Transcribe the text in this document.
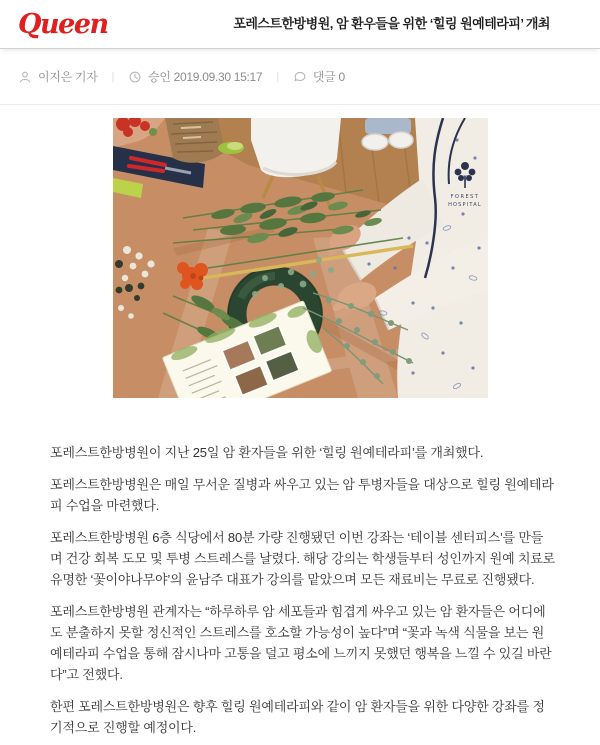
Queen	포레스트한방병원, 암 환우들을 위한 ‘힐링 원예테라피’ 개최
이지은 기자 |	승인 2019.09.30 15:17 |	댓글 0
FOREST
HOSPITAL

포레스트한방병원이 지난 25일 암 환자들을 위한 ‘힐링 원예테라피’를 개최했다.

포레스트한방병원은 매일 무서운 질병과 싸우고 있는 암 투병자들을 대상으로 힐링 원예테라피 수업을 마련했다.

포레스트한방병원 6층 식당에서 80분 가량 진행됐던 이번 강좌는 ‘테이블 센터피스’를 만들며 건강 회복 도모 및 투병 스트레스를 날렸다. 해당 강의는 학생들부터 성인까지 원예 치료로 유명한 ‘꽃이야나무야’의 윤남주 대표가 강의를 맡았으며 모든 재료비는 무료로 진행됐다.

포레스트한방병원 관계자는 “하루하루 암 세포들과 힘겹게 싸우고 있는 암 환자들은 어디에도 분출하지 못할 정신적인 스트레스를 호소할 가능성이 높다”며 “꽃과 녹색 식물을 보는 원예테라피 수업을 통해 잠시나마 고통을 덜고 평소에 느끼지 못했던 행복을 느낄 수 있길 바란다”고 전했다.

한편 포레스트한방병원은 향후 힐링 원예테라피와 같이 암 환자들을 위한 다양한 강좌를 정기적으로 진행할 예정이다.
